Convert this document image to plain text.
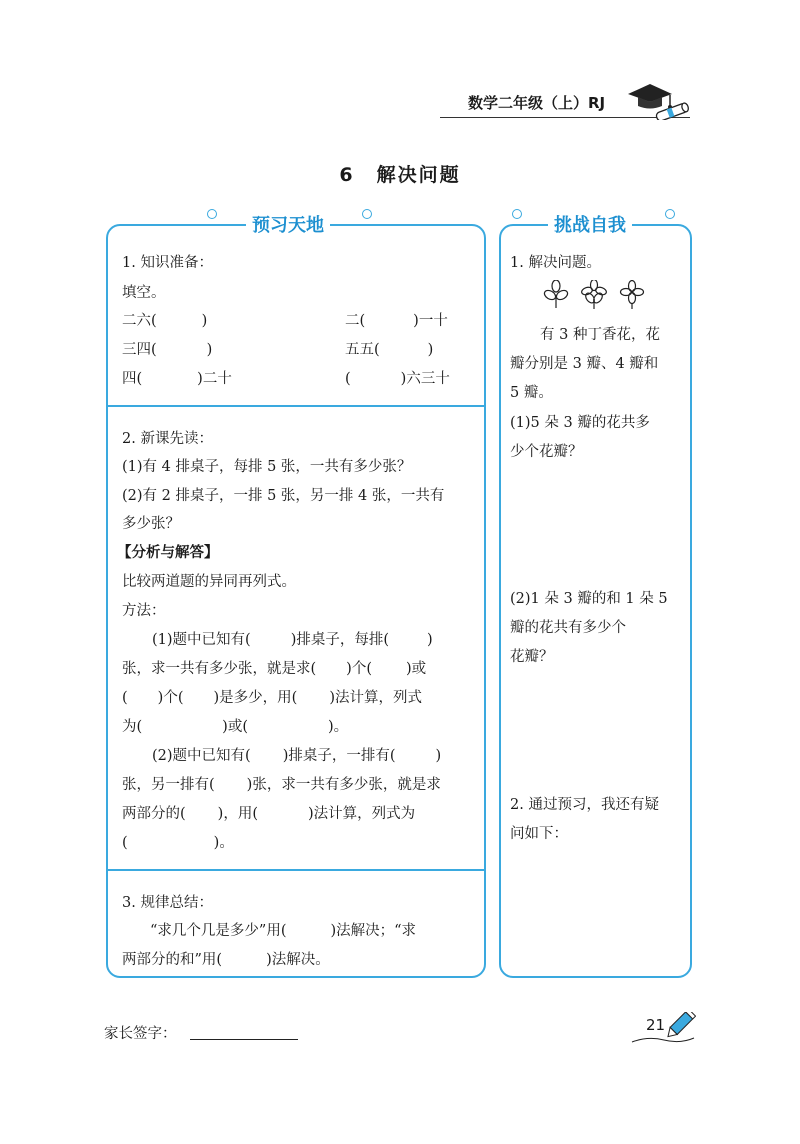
数学二年级（上）RJ
6 解决问题
预习天地
1. 知识准备：
填空。
二六(	)	二(	)一十
三四(	)	五五(	)
四(	)二十	(	)六三十
2. 新课先读：
(1)有 4 排桌子，每排 5 张，一共有多少张？
(2)有 2 排桌子，一排 5 张，另一排 4 张，一共有
多少张？
【分析与解答】
比较两道题的异同再列式。
方法：
(1)题中已知有(	)排桌子，每排(	)
张，求一共有多少张，就是求( )个( )或
( )个( )是多少，用( )法计算，列式
为(	)或(	)。
(2)题中已知有( )排桌子，一排有(	)
张，另一排有( )张，求一共有多少张，就是求
两部分的( )，用(	)法计算，列式为
(	)。
3. 规律总结：
“求几个几是多少”用(	)法解决；“求
两部分的和”用(	)法解决。
挑战自我
1. 解决问题。
有 3 种丁香花，花
瓣分别是 3 瓣、4 瓣和
5 瓣。
(1)5 朵 3 瓣的花共多
少个花瓣？
(2)1 朵 3 瓣的和 1 朵 5
瓣的花共有多少个
花瓣？
2. 通过预习，我还有疑
问如下：
家长签字：	21
